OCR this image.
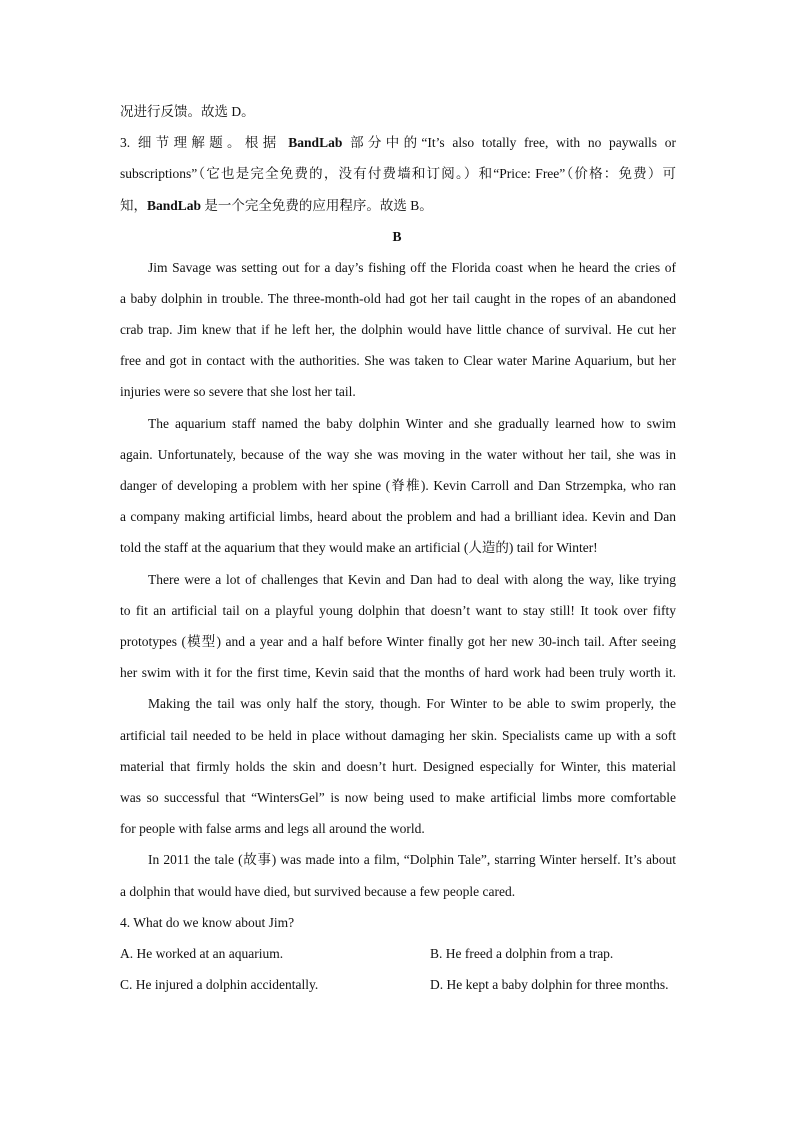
况进行反馈。故选 D。
3. 细节理解题。根据 BandLab 部分中的“It’s also totally free, with no paywalls or
subscriptions”（它也是完全免费的，没有付费墙和订阅。）和“Price: Free”（价格：免费）可
知，BandLab 是一个完全免费的应用程序。故选 B。
B
Jim Savage was setting out for a day’s fishing off the Florida coast when he heard the cries of
a baby dolphin in trouble. The three-month-old had got her tail caught in the ropes of an abandoned
crab trap. Jim knew that if he left her, the dolphin would have little chance of survival. He cut her
free and got in contact with the authorities. She was taken to Clear water Marine Aquarium, but her
injuries were so severe that she lost her tail.
The aquarium staff named the baby dolphin Winter and she gradually learned how to swim
again. Unfortunately, because of the way she was moving in the water without her tail, she was in
danger of developing a problem with her spine (脊椎). Kevin Carroll and Dan Strzempka, who ran
a company making artificial limbs, heard about the problem and had a brilliant idea. Kevin and Dan
told the staff at the aquarium that they would make an artificial (人造的) tail for Winter!
There were a lot of challenges that Kevin and Dan had to deal with along the way, like trying
to fit an artificial tail on a playful young dolphin that doesn’t want to stay still! It took over fifty
prototypes (模型) and a year and a half before Winter finally got her new 30-inch tail. After seeing
her swim with it for the first time, Kevin said that the months of hard work had been truly worth it.
Making the tail was only half the story, though. For Winter to be able to swim properly, the
artificial tail needed to be held in place without damaging her skin. Specialists came up with a soft
material that firmly holds the skin and doesn’t hurt. Designed especially for Winter, this material
was so successful that “WintersGel” is now being used to make artificial limbs more comfortable
for people with false arms and legs all around the world.
In 2011 the tale (故事) was made into a film, “Dolphin Tale”, starring Winter herself. It’s about
a dolphin that would have died, but survived because a few people cared.
4. What do we know about Jim?
A. He worked at an aquarium.	B. He freed a dolphin from a trap.
C. He injured a dolphin accidentally.	D. He kept a baby dolphin for three months.
